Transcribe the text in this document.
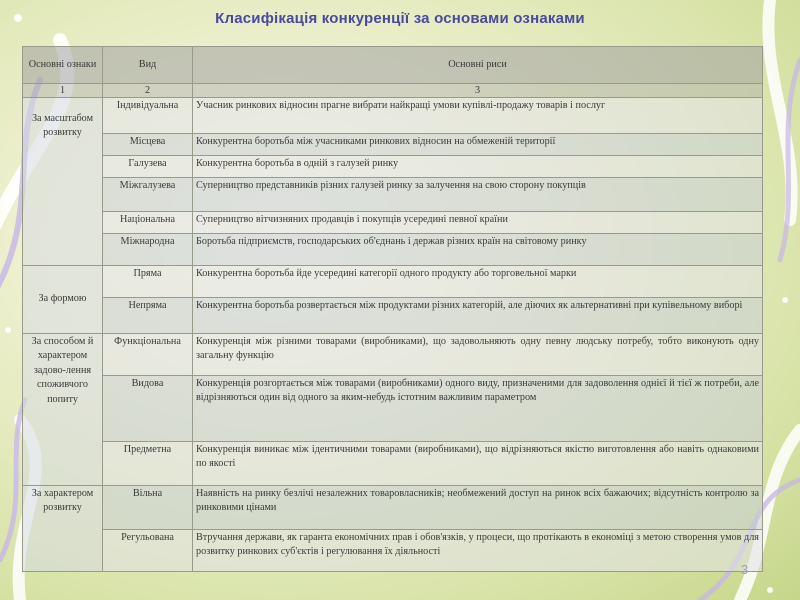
Класифікація конкуренції за основами ознаками
Основні ознаки	Вид	Основні риси
1	2	3
За масштабом розвитку	Індивідуальна	Учасник ринкових відносин прагне вибрати найкращі умови купівлі-продажу товарів і послуг
	Місцева	Конкурентна боротьба між учасниками ринкових відносин на обмеженій території
	Галузева	Конкурентна боротьба в одній з галузей ринку
	Міжгалузева	Суперництво представників різних галузей ринку за залучення на свою сторону покупців
	Національна	Суперництво вітчизняних продавців і покупців усередині певної країни
	Міжнародна	Боротьба підприємств, господарських об'єднань і держав різних країн на світовому ринку
За формою	Пряма	Конкурентна боротьба йде усередині категорії одного продукту або торговельної марки
	Непряма	Конкурентна боротьба розвертається між продуктами різних категорій, але діючих як альтернативні при купівельному виборі
За способом й характером задово-лення споживчого попиту	Функціональна	Конкуренція між різними товарами (виробниками), що задовольняють одну певну людську потребу, тобто виконують одну загальну функцію
	Видова	Конкуренція розгортається між товарами (виробниками) одного виду, призначеними для задоволення однієї й тієї ж потреби, але відрізняються один від одного за яким-небудь істотним важливим параметром
	Предметна	Конкуренція виникає між ідентичними товарами (виробниками), що відрізняються якістю виготовлення або навіть однаковими по якості
За характером розвитку	Вільна	Наявність на ринку безлічі незалежних товаровласників; необмежений доступ на ринок всіх бажаючих; відсутність контролю за ринковими цінами
	Регульована	Втручання держави, як гаранта економічних прав і обов'язків, у процеси, що протікають в економіці з метою створення умов для розвитку ринкових суб'єктів і регулювання їх діяльності
3
